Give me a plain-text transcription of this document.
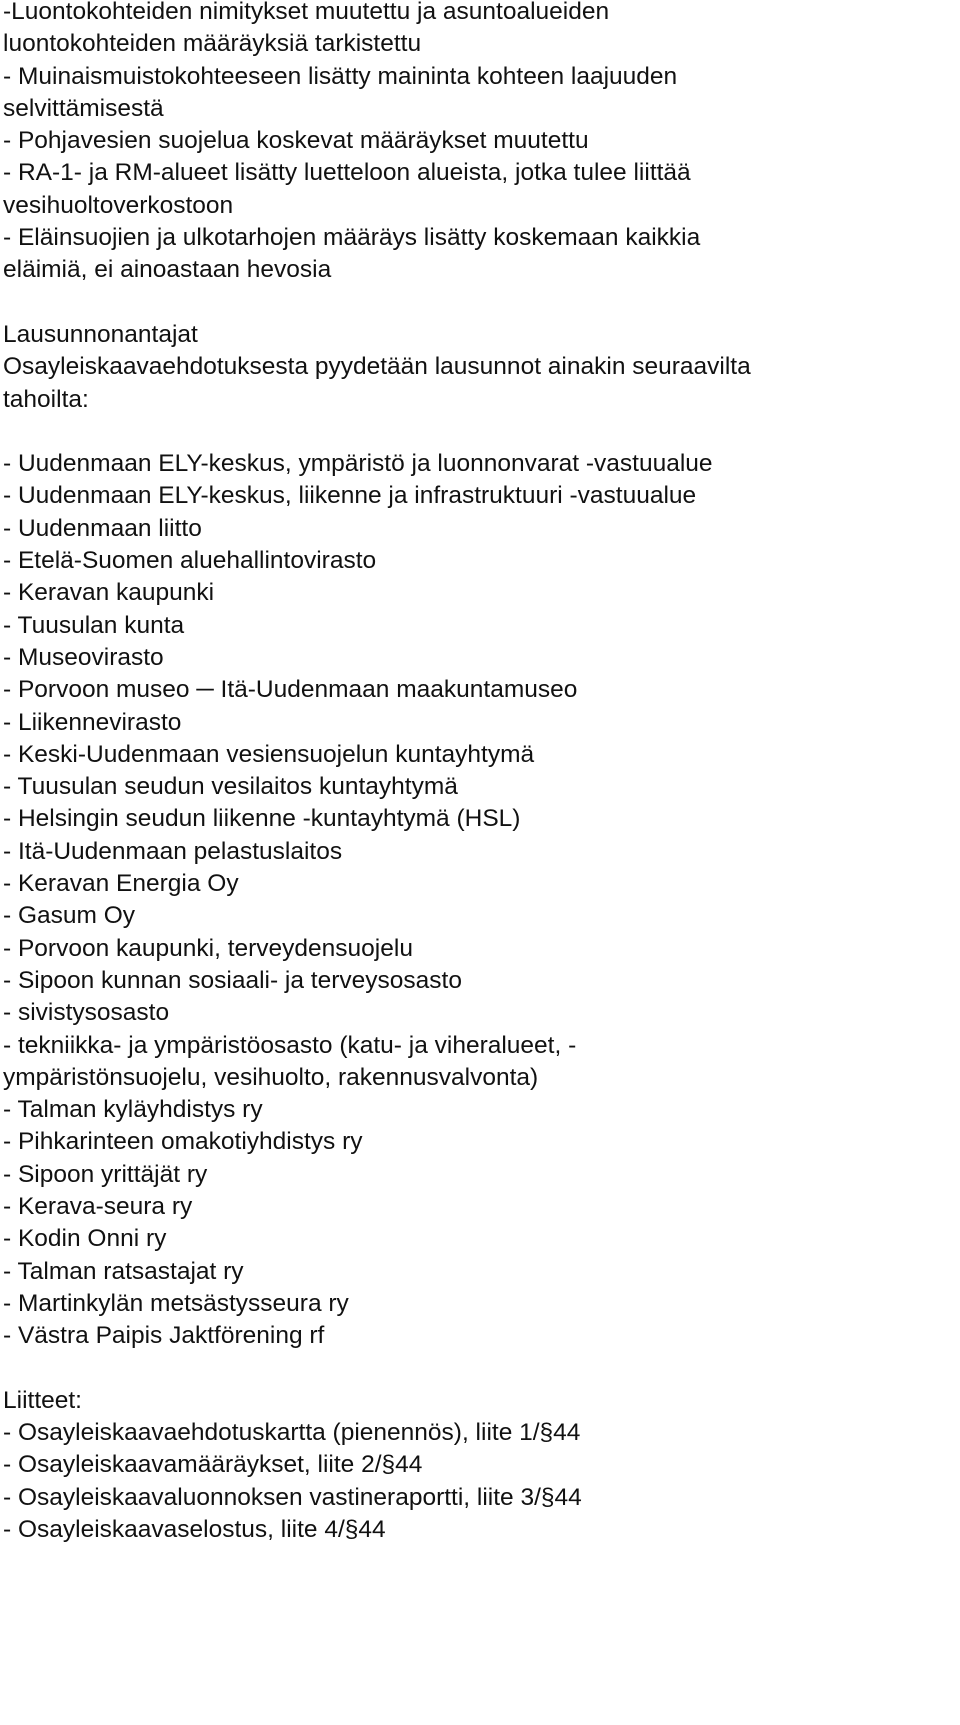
-Luontokohteiden nimitykset muutettu ja asuntoalueiden
luontokohteiden määräyksiä tarkistettu
- Muinaismuistokohteeseen lisätty maininta kohteen laajuuden
selvittämisestä
- Pohjavesien suojelua koskevat määräykset muutettu
- RA-1- ja RM-alueet lisätty luetteloon alueista, jotka tulee liittää
vesihuoltoverkostoon
- Eläinsuojien ja ulkotarhojen määräys lisätty koskemaan kaikkia
eläimiä, ei ainoastaan hevosia
Lausunnonantajat
Osayleiskaavaehdotuksesta pyydetään lausunnot ainakin seuraavilta
tahoilta:
- Uudenmaan ELY-keskus, ympäristö ja luonnonvarat -vastuualue
- Uudenmaan ELY-keskus, liikenne ja infrastruktuuri -vastuualue
- Uudenmaan liitto
- Etelä-Suomen aluehallintovirasto
- Keravan kaupunki
- Tuusulan kunta
- Museovirasto
- Porvoon museo ─ Itä-Uudenmaan maakuntamuseo
- Liikennevirasto
- Keski-Uudenmaan vesiensuojelun kuntayhtymä
- Tuusulan seudun vesilaitos kuntayhtymä
- Helsingin seudun liikenne -kuntayhtymä (HSL)
- Itä-Uudenmaan pelastuslaitos
- Keravan Energia Oy
- Gasum Oy
- Porvoon kaupunki, terveydensuojelu
- Sipoon kunnan sosiaali- ja terveysosasto
- sivistysosasto
- tekniikka- ja ympäristöosasto (katu- ja viheralueet, -
ympäristönsuojelu, vesihuolto, rakennusvalvonta)
- Talman kyläyhdistys ry
- Pihkarinteen omakotiyhdistys ry
- Sipoon yrittäjät ry
- Kerava-seura ry
- Kodin Onni ry
- Talman ratsastajat ry
- Martinkylän metsästysseura ry
- Västra Paipis Jaktförening rf
Liitteet:
- Osayleiskaavaehdotuskartta (pienennös), liite 1/§44
- Osayleiskaavamääräykset, liite 2/§44
- Osayleiskaavaluonnoksen vastineraportti, liite 3/§44
- Osayleiskaavaselostus, liite 4/§44
